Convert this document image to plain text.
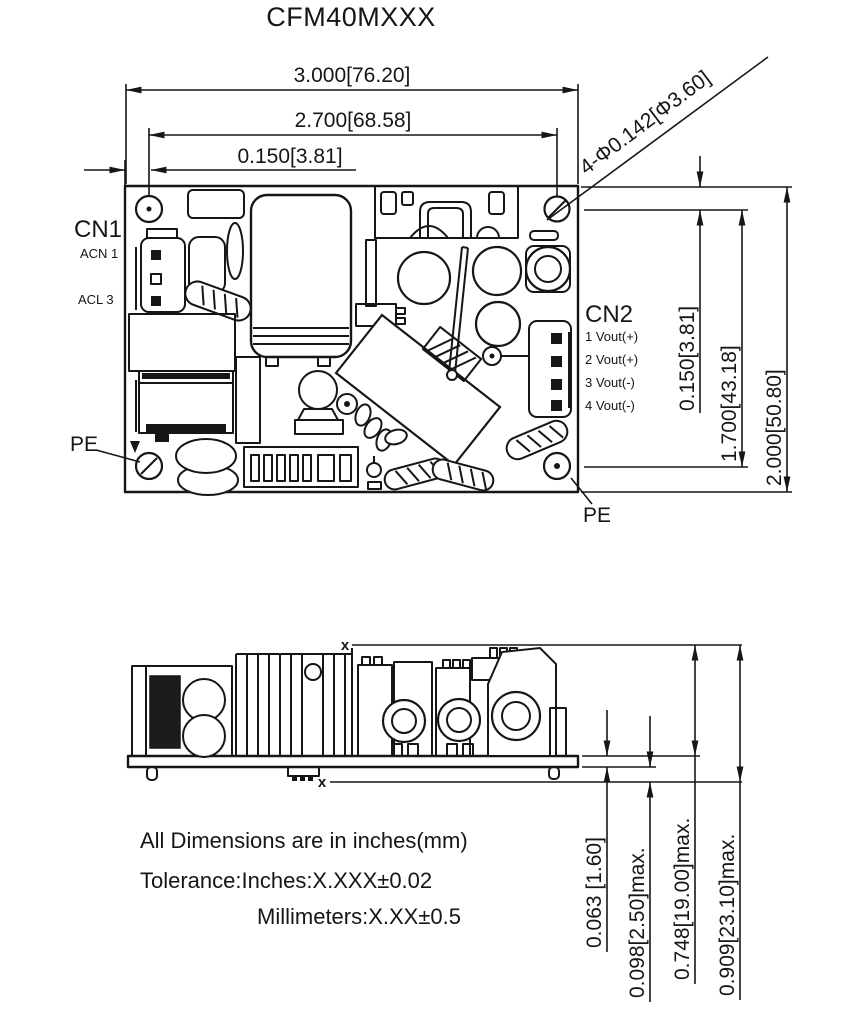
CFM40MXXX
3.000[76.20]
2.700[68.58]
0.150[3.81]	4-Φ0.142[Φ3.60]
0.150[3.81] 1.700[43.18] 2.000[50.80]
CN1
ACN 1
ACL 3
CN2
1 Vout(+)
2 Vout(+)
3 Vout(-)
4 Vout(-)
PE
PE
x
x
0.063 [1.60] 0.098[2.50]max. 0.748[19.00]max. 0.909[23.10]max.
All Dimensions are in inches(mm)
Tolerance:Inches:X.XXX±0.02
Millimeters:X.XX±0.5
